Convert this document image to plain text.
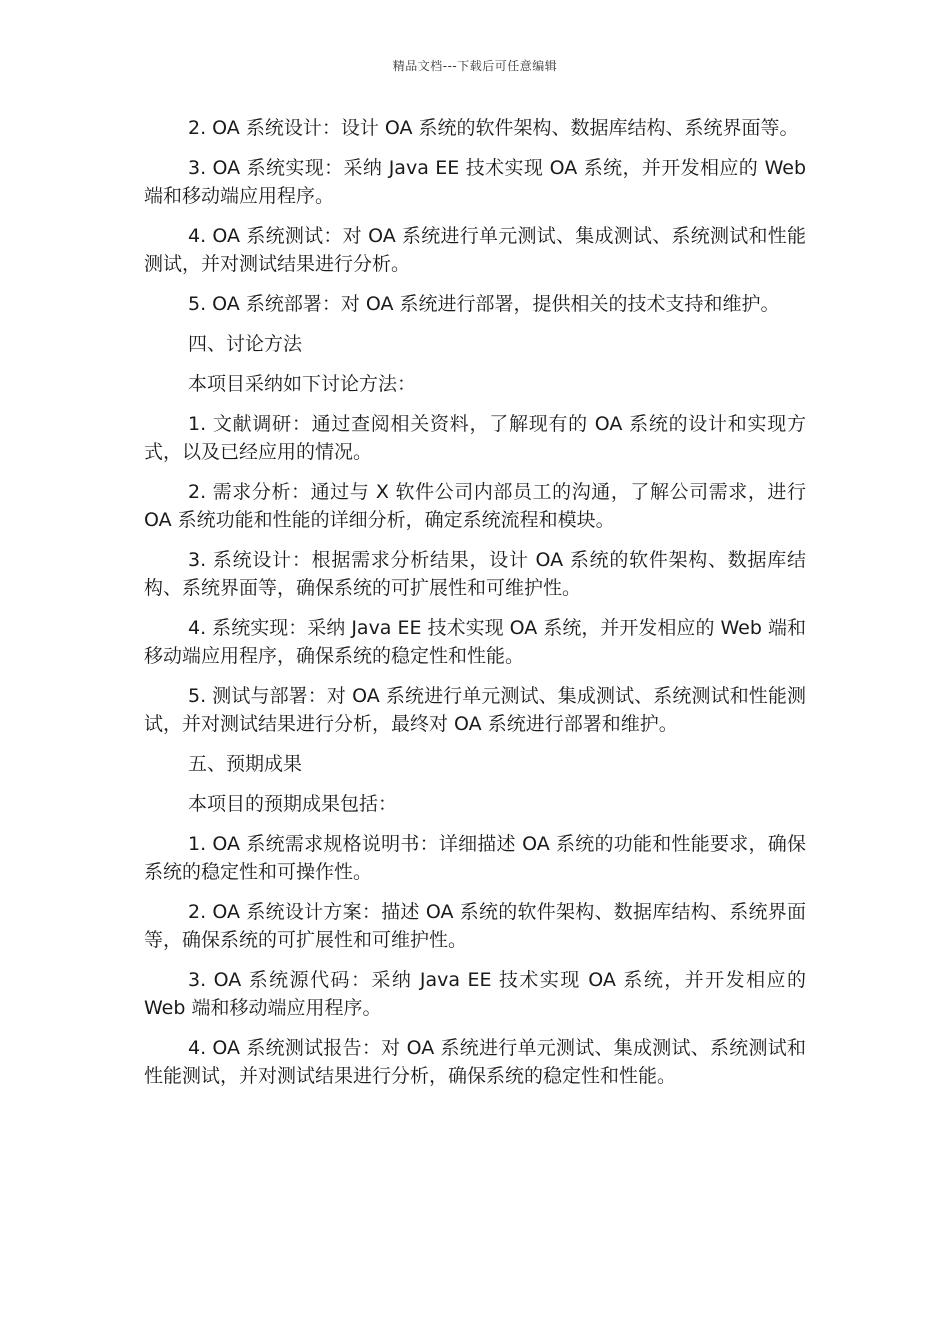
精品文档---下载后可任意编辑

2. OA 系统设计：设计 OA 系统的软件架构、数据库结构、系统界面等。

3. OA 系统实现：采纳 Java EE 技术实现 OA 系统，并开发相应的 Web 端和移动端应用程序。

4. OA 系统测试：对 OA 系统进行单元测试、集成测试、系统测试和性能测试，并对测试结果进行分析。

5. OA 系统部署：对 OA 系统进行部署，提供相关的技术支持和维护。

四、讨论方法

本项目采纳如下讨论方法：

1. 文献调研：通过查阅相关资料，了解现有的 OA 系统的设计和实现方式，以及已经应用的情况。

2. 需求分析：通过与 X 软件公司内部员工的沟通，了解公司需求，进行 OA 系统功能和性能的详细分析，确定系统流程和模块。

3. 系统设计：根据需求分析结果，设计 OA 系统的软件架构、数据库结构、系统界面等，确保系统的可扩展性和可维护性。

4. 系统实现：采纳 Java EE 技术实现 OA 系统，并开发相应的 Web 端和移动端应用程序，确保系统的稳定性和性能。

5. 测试与部署：对 OA 系统进行单元测试、集成测试、系统测试和性能测试，并对测试结果进行分析，最终对 OA 系统进行部署和维护。

五、预期成果

本项目的预期成果包括：

1. OA 系统需求规格说明书：详细描述 OA 系统的功能和性能要求，确保系统的稳定性和可操作性。

2. OA 系统设计方案：描述 OA 系统的软件架构、数据库结构、系统界面等，确保系统的可扩展性和可维护性。

3. OA 系统源代码：采纳 Java EE 技术实现 OA 系统，并开发相应的 Web 端和移动端应用程序。

4. OA 系统测试报告：对 OA 系统进行单元测试、集成测试、系统测试和性能测试，并对测试结果进行分析，确保系统的稳定性和性能。
